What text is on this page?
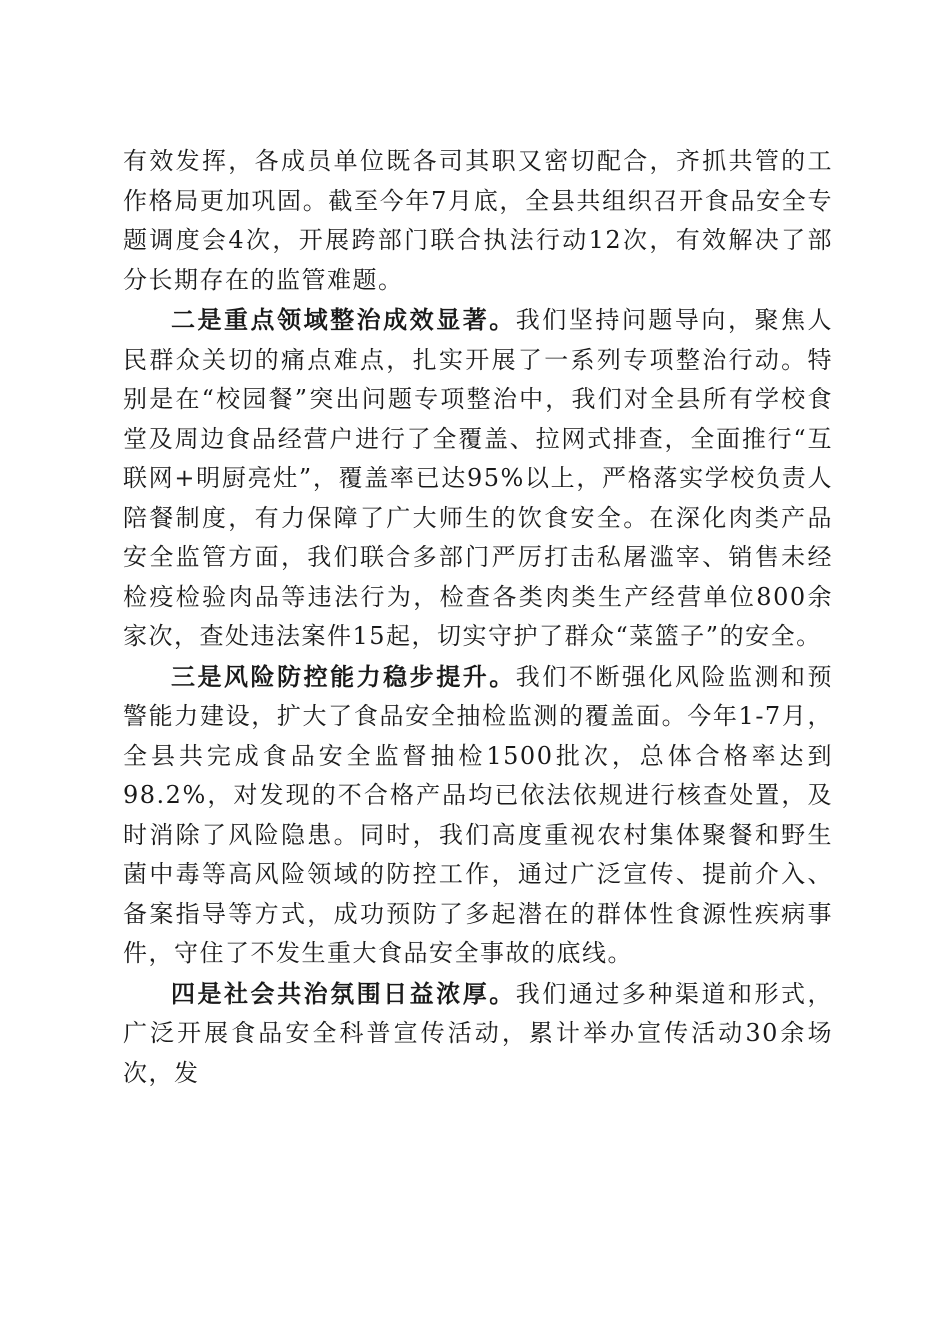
有效发挥，各成员单位既各司其职又密切配合，齐抓共管的工作格局更加巩固。截至今年7月底，全县共组织召开食品安全专题调度会4次，开展跨部门联合执法行动12次，有效解决了部分长期存在的监管难题。

二是重点领域整治成效显著。我们坚持问题导向，聚焦人民群众关切的痛点难点，扎实开展了一系列专项整治行动。特别是在“校园餐”突出问题专项整治中，我们对全县所有学校食堂及周边食品经营户进行了全覆盖、拉网式排查，全面推行“互联网+明厨亮灶”，覆盖率已达95%以上，严格落实学校负责人陪餐制度，有力保障了广大师生的饮食安全。在深化肉类产品安全监管方面，我们联合多部门严厉打击私屠滥宰、销售未经检疫检验肉品等违法行为，检查各类肉类生产经营单位800余家次，查处违法案件15起，切实守护了群众“菜篮子”的安全。

三是风险防控能力稳步提升。我们不断强化风险监测和预警能力建设，扩大了食品安全抽检监测的覆盖面。今年1-7月，全县共完成食品安全监督抽检1500批次，总体合格率达到98.2%，对发现的不合格产品均已依法依规进行核查处置，及时消除了风险隐患。同时，我们高度重视农村集体聚餐和野生菌中毒等高风险领域的防控工作，通过广泛宣传、提前介入、备案指导等方式，成功预防了多起潜在的群体性食源性疾病事件，守住了不发生重大食品安全事故的底线。

四是社会共治氛围日益浓厚。我们通过多种渠道和形式，广泛开展食品安全科普宣传活动，累计举办宣传活动30余场次，发
